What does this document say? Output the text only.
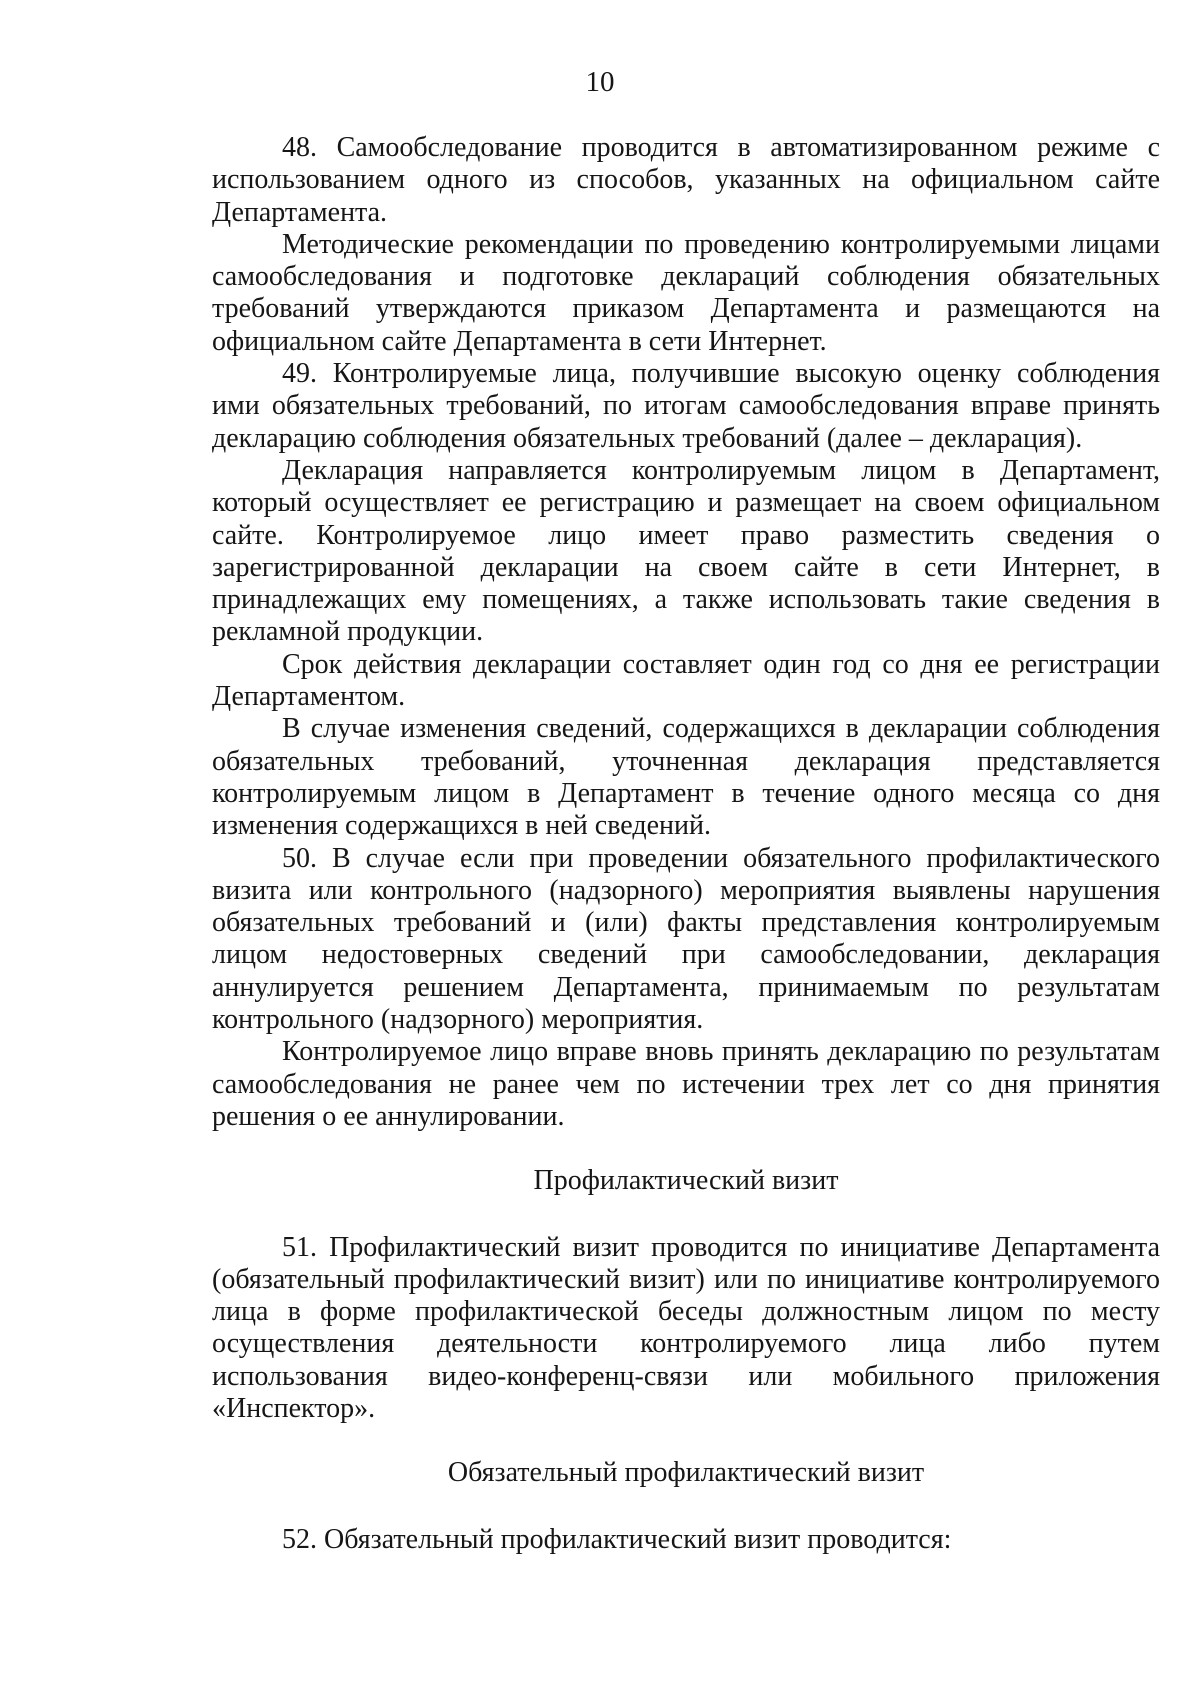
10

48. Самообследование проводится в автоматизированном режиме с использованием одного из способов, указанных на официальном сайте Департамента.

Методические рекомендации по проведению контролируемыми лицами самообследования и подготовке деклараций соблюдения обязательных требований утверждаются приказом Департамента и размещаются на официальном сайте Департамента в сети Интернет.

49. Контролируемые лица, получившие высокую оценку соблюдения ими обязательных требований, по итогам самообследования вправе принять декларацию соблюдения обязательных требований (далее – декларация).

Декларация направляется контролируемым лицом в Департамент, который осуществляет ее регистрацию и размещает на своем официальном сайте. Контролируемое лицо имеет право разместить сведения о зарегистрированной декларации на своем сайте в сети Интернет, в принадлежащих ему помещениях, а также использовать такие сведения в рекламной продукции.

Срок действия декларации составляет один год со дня ее регистрации Департаментом.

В случае изменения сведений, содержащихся в декларации соблюдения обязательных требований, уточненная декларация представляется контролируемым лицом в Департамент в течение одного месяца со дня изменения содержащихся в ней сведений.

50. В случае если при проведении обязательного профилактического визита или контрольного (надзорного) мероприятия выявлены нарушения обязательных требований и (или) факты представления контролируемым лицом недостоверных сведений при самообследовании, декларация аннулируется решением Департамента, принимаемым по результатам контрольного (надзорного) мероприятия.

Контролируемое лицо вправе вновь принять декларацию по результатам самообследования не ранее чем по истечении трех лет со дня принятия решения о ее аннулировании.

Профилактический визит

51. Профилактический визит проводится по инициативе Департамента (обязательный профилактический визит) или по инициативе контролируемого лица в форме профилактической беседы должностным лицом по месту осуществления деятельности контролируемого лица либо путем использования видео-конференц-связи или мобильного приложения «Инспектор».

Обязательный профилактический визит

52. Обязательный профилактический визит проводится:
